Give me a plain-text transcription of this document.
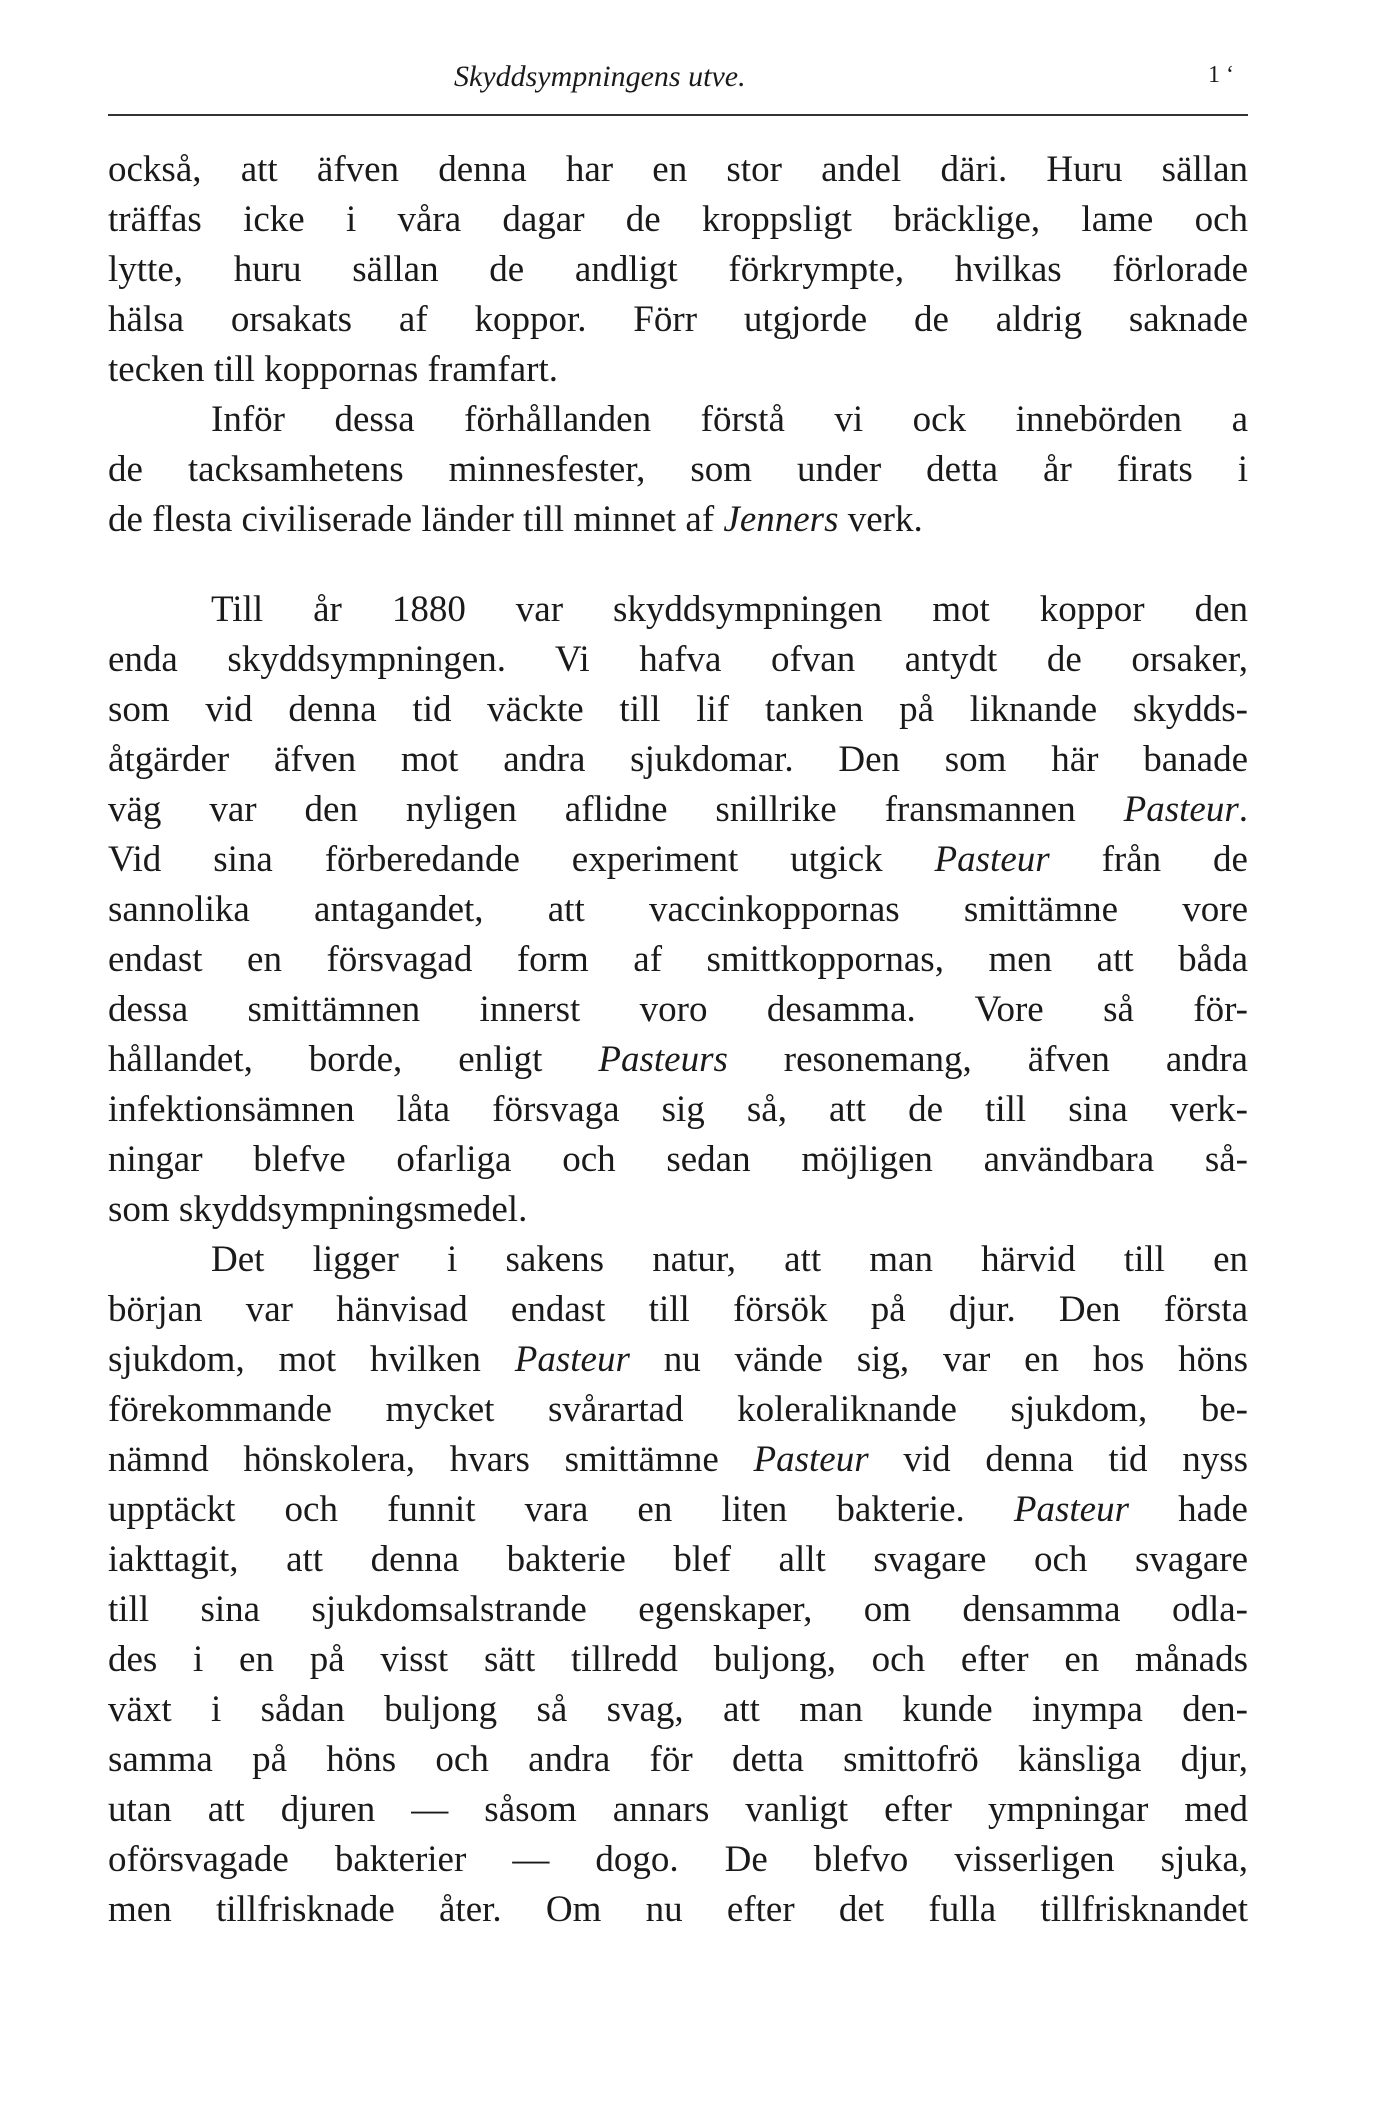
Skyddsympningens utve.	1 ‘
också, att äfven denna har en stor andel däri. Huru sällan
träffas icke i våra dagar de kroppsligt bräcklige, lame och
lytte, huru sällan de andligt förkrympte, hvilkas förlorade
hälsa orsakats af koppor. Förr utgjorde de aldrig saknade
tecken till koppornas framfart.
Inför dessa förhållanden förstå vi ock innebörden a
de tacksamhetens minnesfester, som under detta år firats i
de flesta civiliserade länder till minnet af Jenners verk.
Till år 1880 var skyddsympningen mot koppor den
enda skyddsympningen. Vi hafva ofvan antydt de orsaker,
som vid denna tid väckte till lif tanken på liknande skydds-
åtgärder äfven mot andra sjukdomar. Den som här banade
väg var den nyligen aflidne snillrike fransmannen Pasteur.
Vid sina förberedande experiment utgick Pasteur från de
sannolika antagandet, att vaccinkoppornas smittämne vore
endast en försvagad form af smittkoppornas, men att båda
dessa smittämnen innerst voro desamma. Vore så för-
hållandet, borde, enligt Pasteurs resonemang, äfven andra
infektionsämnen låta försvaga sig så, att de till sina verk-
ningar blefve ofarliga och sedan möjligen användbara så-
som skyddsympningsmedel.
Det ligger i sakens natur, att man härvid till en
början var hänvisad endast till försök på djur. Den första
sjukdom, mot hvilken Pasteur nu vände sig, var en hos höns
förekommande mycket svårartad koleraliknande sjukdom, be-
nämnd hönskolera, hvars smittämne Pasteur vid denna tid nyss
upptäckt och funnit vara en liten bakterie. Pasteur hade
iakttagit, att denna bakterie blef allt svagare och svagare
till sina sjukdomsalstrande egenskaper, om densamma odla-
des i en på visst sätt tillredd buljong, och efter en månads
växt i sådan buljong så svag, att man kunde inympa den-
samma på höns och andra för detta smittofrö känsliga djur,
utan att djuren — såsom annars vanligt efter ympningar med
oförsvagade bakterier — dogo. De blefvo visserligen sjuka,
men tillfrisknade åter. Om nu efter det fulla tillfrisknandet
